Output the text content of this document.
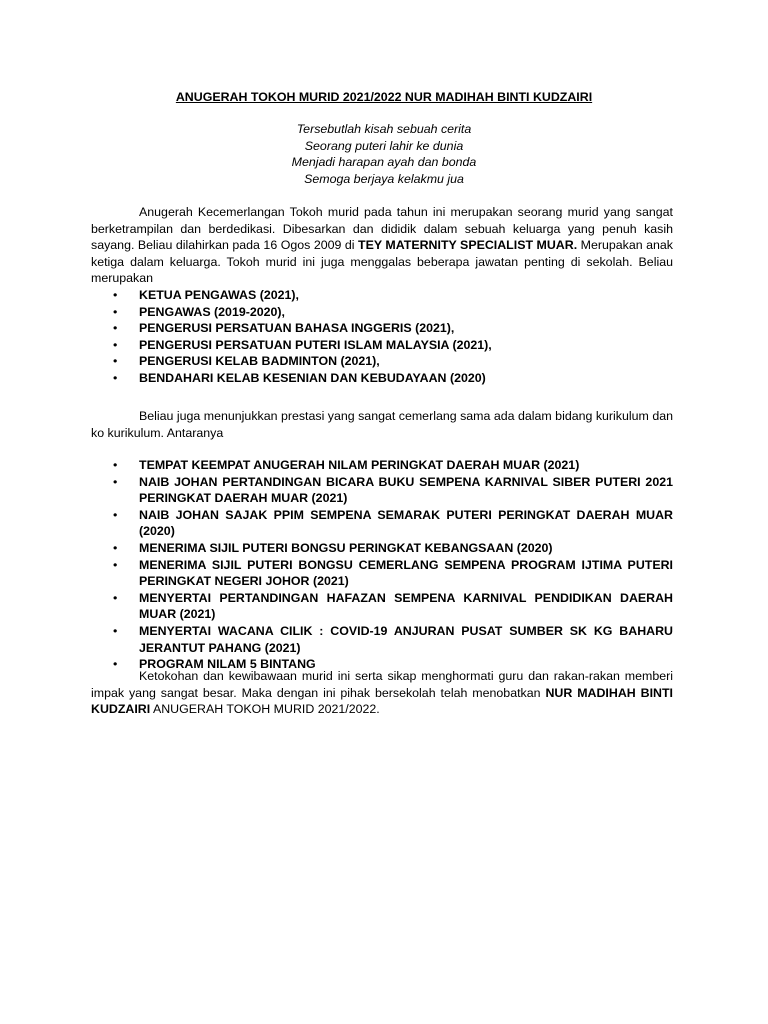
ANUGERAH TOKOH MURID 2021/2022 NUR MADIHAH BINTI KUDZAIRI
Tersebutlah kisah sebuah cerita
Seorang puteri lahir ke dunia
Menjadi harapan ayah dan bonda
Semoga berjaya kelakmu jua

Anugerah Kecemerlangan Tokoh murid pada tahun ini merupakan seorang murid yang sangat berketrampilan dan berdedikasi. Dibesarkan dan dididik dalam sebuah keluarga yang penuh kasih sayang. Beliau dilahirkan pada 16 Ogos 2009 di TEY MATERNITY SPECIALIST MUAR. Merupakan anak ketiga dalam keluarga. Tokoh murid ini juga menggalas beberapa jawatan penting di sekolah. Beliau merupakan

• KETUA PENGAWAS (2021),
• PENGAWAS (2019-2020),
• PENGERUSI PERSATUAN BAHASA INGGERIS (2021),
• PENGERUSI PERSATUAN PUTERI ISLAM MALAYSIA (2021),
• PENGERUSI KELAB BADMINTON (2021),
• BENDAHARI KELAB KESENIAN DAN KEBUDAYAAN (2020)

Beliau juga menunjukkan prestasi yang sangat cemerlang sama ada dalam bidang kurikulum dan ko kurikulum. Antaranya

• TEMPAT KEEMPAT ANUGERAH NILAM PERINGKAT DAERAH MUAR (2021)
• NAIB JOHAN PERTANDINGAN BICARA BUKU SEMPENA KARNIVAL SIBER PUTERI 2021 PERINGKAT DAERAH MUAR (2021)
• NAIB JOHAN SAJAK PPIM SEMPENA SEMARAK PUTERI PERINGKAT DAERAH MUAR (2020)
• MENERIMA SIJIL PUTERI BONGSU PERINGKAT KEBANGSAAN (2020)
• MENERIMA SIJIL PUTERI BONGSU CEMERLANG SEMPENA PROGRAM IJTIMA PUTERI PERINGKAT NEGERI JOHOR (2021)
• MENYERTAI PERTANDINGAN HAFAZAN SEMPENA KARNIVAL PENDIDIKAN DAERAH MUAR (2021)
• MENYERTAI WACANA CILIK : COVID-19 ANJURAN PUSAT SUMBER SK KG BAHARU JERANTUT PAHANG (2021)
• PROGRAM NILAM 5 BINTANG

Ketokohan dan kewibawaan murid ini serta sikap menghormati guru dan rakan-rakan memberi impak yang sangat besar. Maka dengan ini pihak bersekolah telah menobatkan NUR MADIHAH BINTI KUDZAIRI ANUGERAH TOKOH MURID 2021/2022.
